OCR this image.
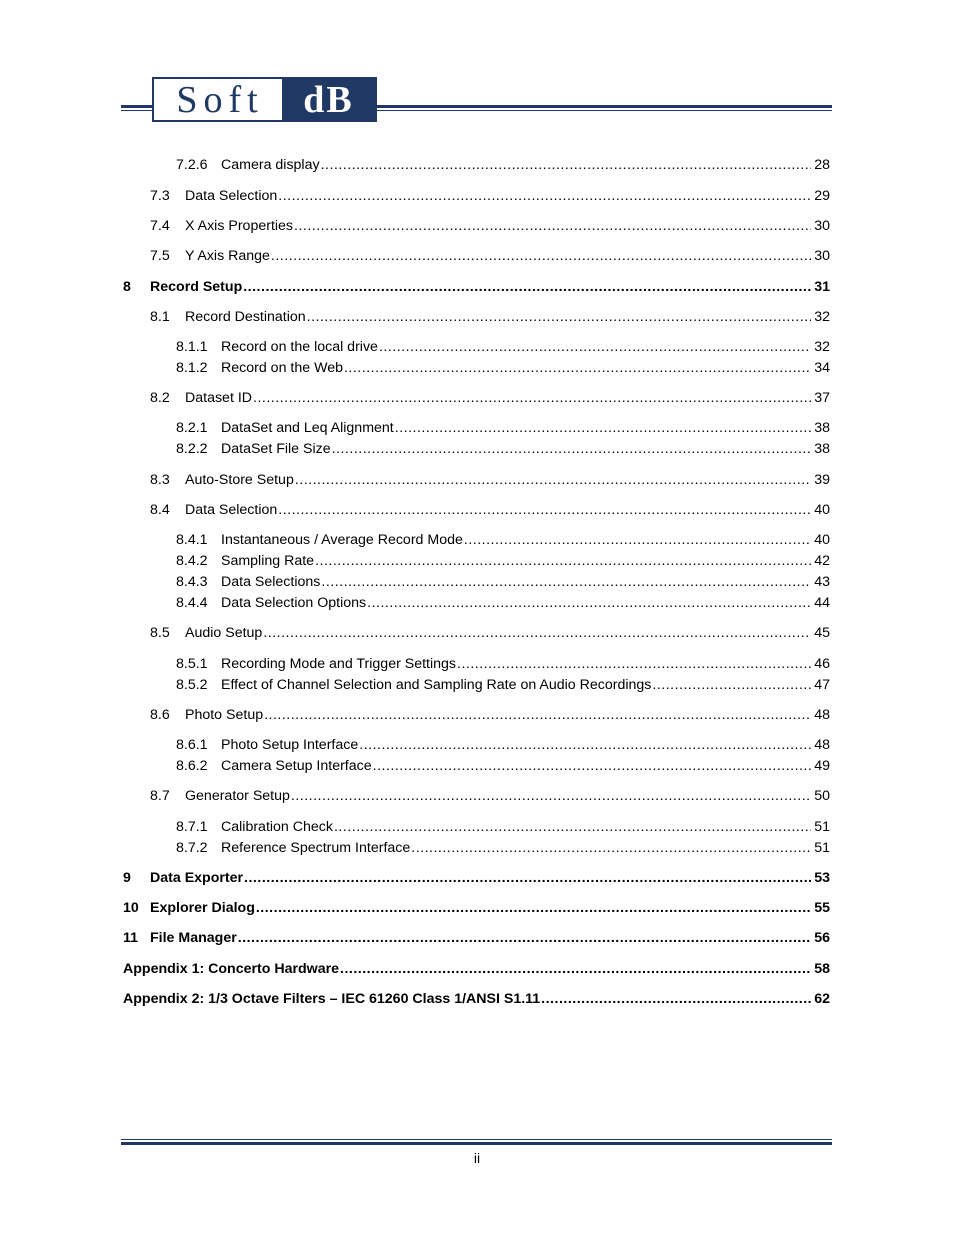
Soft	dB
7.2.6 Camera display .....	28
7.3	Data Selection .....	29
7.4	X Axis Properties .....	30
7.5	Y Axis Range .....	30
8	Record Setup .....	31
8.1	Record Destination .....	32
8.1.1 Record on the local drive .....	32
8.1.2 Record on the Web .....	34
8.2	Dataset ID .....	37
8.2.1 DataSet and Leq Alignment .....	38
8.2.2 DataSet File Size .....	38
8.3	Auto-Store Setup .....	39
8.4	Data Selection .....	40
8.4.1 Instantaneous / Average Record Mode .....	40
8.4.2 Sampling Rate .....	42
8.4.3 Data Selections .....	43
8.4.4 Data Selection Options .....	44
8.5	Audio Setup .....	45
8.5.1 Recording Mode and Trigger Settings .....	46
8.5.2 Effect of Channel Selection and Sampling Rate on Audio Recordings .....	47
8.6	Photo Setup .....	48
8.6.1 Photo Setup Interface .....	48
8.6.2 Camera Setup Interface .....	49
8.7	Generator Setup .....	50
8.7.1 Calibration Check .....	51
8.7.2 Reference Spectrum Interface .....	51
9	Data Exporter .....	53
10 Explorer Dialog .....	55
11 File Manager .....	56
Appendix 1: Concerto Hardware .....	58
Appendix 2: 1/3 Octave Filters – IEC 61260 Class 1/ANSI S1.11 .....	62
ii
